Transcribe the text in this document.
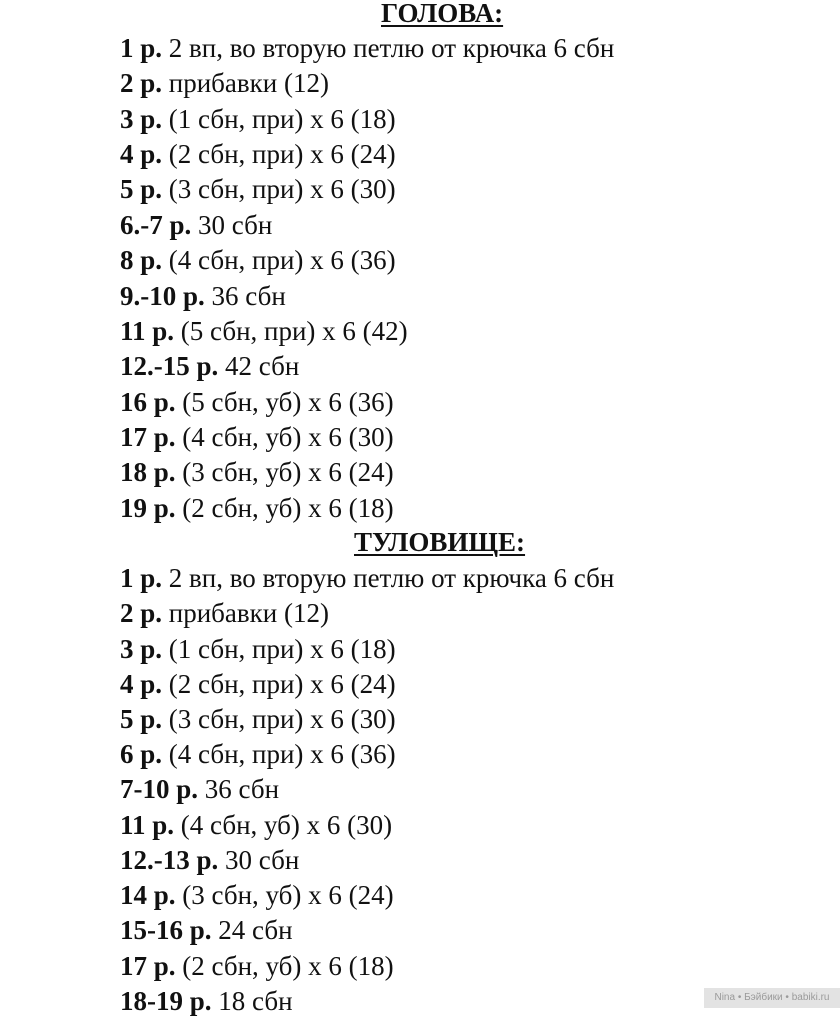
ГОЛОВА:
1 р. 2 вп, во вторую петлю от крючка 6 сбн
2 р. прибавки (12)
3 р. (1 сбн, при) х 6 (18)
4 р. (2 сбн, при) х 6 (24)
5 р. (3 сбн, при) х 6 (30)
6.-7 р. 30 сбн
8 р. (4 сбн, при) х 6 (36)
9.-10 р. 36 сбн
11 р. (5 сбн, при) х 6 (42)
12.-15 р. 42 сбн
16 р. (5 сбн, уб) х 6 (36)
17 р. (4 сбн, уб) х 6 (30)
18 р. (3 сбн, уб) х 6 (24)
19 р. (2 сбн, уб) х 6 (18)
ТУЛОВИЩЕ:
1 р. 2 вп, во вторую петлю от крючка 6 сбн
2 р. прибавки (12)
3 р. (1 сбн, при) х 6 (18)
4 р. (2 сбн, при) х 6 (24)
5 р. (3 сбн, при) х 6 (30)
6 р. (4 сбн, при) х 6 (36)
7-10 р. 36 сбн
11 р. (4 сбн, уб) х 6 (30)
12.-13 р. 30 сбн
14 р. (3 сбн, уб) х 6 (24)
15-16 р. 24 сбн
17 р. (2 сбн, уб) х 6 (18)
18-19 р. 18 сбн	Nina • Бэйбики • babiki.ru
